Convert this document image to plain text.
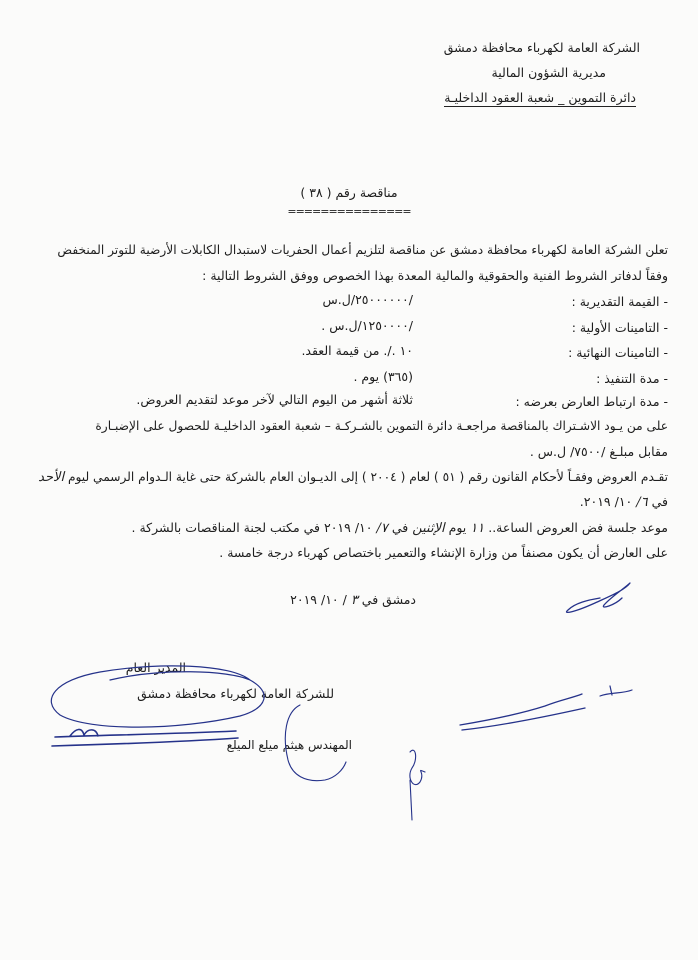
الشركة العامة لكهرباء محافظة دمشق
مديرية الشؤون المالية
دائرة التموين _ شعبة العقود الداخليـة
مناقصة رقم ( ٣٨ )
===============
تعلن الشركة العامة لكهرباء محافظة دمشق عن مناقصة لتلزيم أعمال الحفريات لاستبدال الكابلات الأرضية للتوتر المنخفض
وفقاً لدفاتر الشروط الفنية والحقوقية والمالية المعدة بهذا الخصوص ووفق الشروط التالية :
- القيمة التقديرية :
/٢٥٠٠٠٠٠٠/ل.س
- التامينات الأولية :
/١٢٥٠٠٠٠/ل.س .
- التامينات النهائية :
١٠ ./. من قيمة العقد.
- مدة التنفيذ :
(٣٦٥) يوم .
- مدة ارتباط العارض بعرضه :
ثلاثة أشهر من اليوم التالي لآخر موعد لتقديم العروض.
على من يـود الاشـتراك بالمناقصة مراجعـة دائرة التموين بالشـركـة – شعبة العقود الداخليـة للحصول على الإضبـارة
مقابل مبلـغ /٧٥٠٠/ ل.س .
تقـدم العروض وفقـاً لأحكام القانون رقم ( ٥١ ) لعام ( ٢٠٠٤ ) إلى الديـوان العام بالشركة حتى غاية الـدوام الرسمي ليوم الأحد
في ٦/ ١٠/ ٢٠١٩.
موعد جلسة فض العروض الساعة.. ١١ يوم الإثنين في ٧/ ١٠/ ٢٠١٩ في مكتب لجنة المناقصات بالشركة .
على العارض أن يكون مصنفاً من وزارة الإنشاء والتعمير باختصاص كهرباء درجة خامسة .
دمشق في ٣ / ١٠/ ٢٠١٩
المدير العام
للشركة العامة لكهرباء محافظة دمشق
المهندس هيثم ميلع الميلع
